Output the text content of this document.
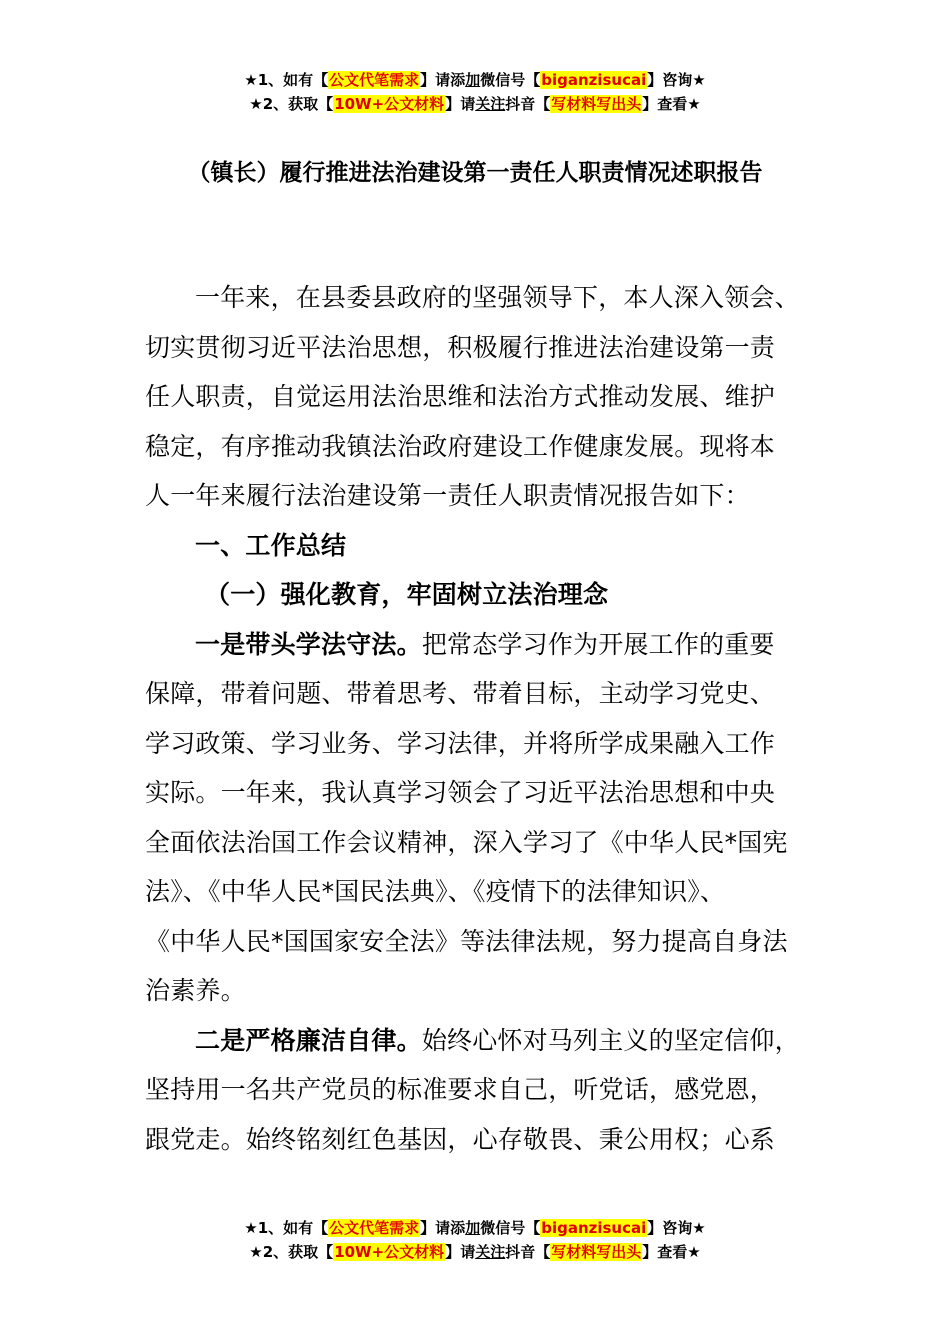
★1、如有【公文代笔需求】请添加微信号【biganzisucai】咨询★
★2、获取【10W+公文材料】请关注抖音【写材料写出头】查看★
（镇长）履行推进法治建设第一责任人职责情况述职报告
一年来，在县委县政府的坚强领导下，本人深入领会、
切实贯彻习近平法治思想，积极履行推进法治建设第一责
任人职责，自觉运用法治思维和法治方式推动发展、维护
稳定，有序推动我镇法治政府建设工作健康发展。现将本
人一年来履行法治建设第一责任人职责情况报告如下：
一、工作总结
（一）强化教育，牢固树立法治理念
一是带头学法守法。把常态学习作为开展工作的重要
保障，带着问题、带着思考、带着目标，主动学习党史、
学习政策、学习业务、学习法律，并将所学成果融入工作
实际。一年来，我认真学习领会了习近平法治思想和中央
全面依法治国工作会议精神，深入学习了《中华人民*国宪
法》、《中华人民*国民法典》、《疫情下的法律知识》、
《中华人民*国国家安全法》等法律法规，努力提高自身法
治素养。
二是严格廉洁自律。始终心怀对马列主义的坚定信仰，
坚持用一名共产党员的标准要求自己，听党话，感党恩，
跟党走。始终铭刻红色基因，心存敬畏、秉公用权；心系
★1、如有【公文代笔需求】请添加微信号【biganzisucai】咨询★
★2、获取【10W+公文材料】请关注抖音【写材料写出头】查看★
